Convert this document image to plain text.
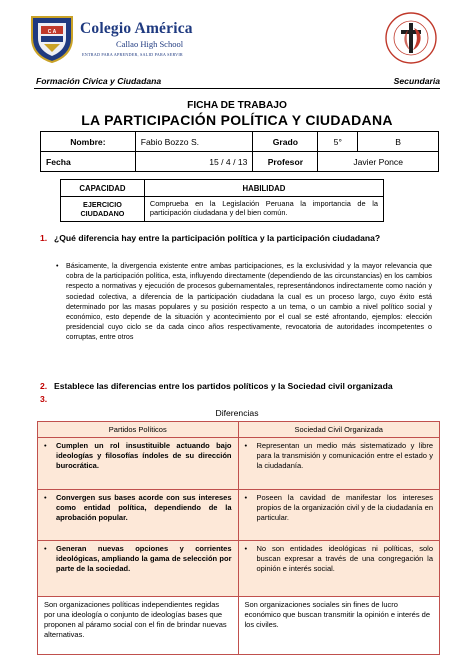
C A Colegio América
Callao High School
ENTRAD PARA APRENDER, SALID PARA SERVIR
Formación Cívica y Ciudadana	Secundaria
FICHA DE TRABAJO
LA PARTICIPACIÓN POLÍTICA Y CIUDADANA
Nombre:	Fabio Bozzo S.	Grado	5°	B
Fecha	15 / 4 / 13	Profesor	Javier Ponce	
CAPACIDAD	HABILIDAD
EJERCICIO
CIUDADANO	Comprueba en la Legislación Peruana la importancia de la participación ciudadana y del bien común.
1. ¿Qué diferencia hay entre la participación política y la participación ciudadana?
• Básicamente, la divergencia existente entre ambas participaciones, es la exclusividad y la mayor relevancia que cobra de la participación política, esta, influyendo directamente (dependiendo de las circunstancias) en los cambios respecto a normativas y ejecución de procesos gubernamentales, representándonos indirectamente como nación y sociedad colectiva, a diferencia de la participación ciudadana la cual es un proceso largo, cuyo éxito está determinado por las masas populares y su posición respecto a un tema, o un cambio a nivel político social y económico, esto depende de la situación y acontecimiento por el cual se esté afrontando, ejemplos: elección presidencial cuyo ciclo se da cada cinco años respectivamente, revocatoria de autoridades incompetentes o corruptas, entre otros
2. Establece las diferencias entre los partidos políticos y la Sociedad civil organizada
3.
Diferencias
Partidos Políticos	Sociedad Civil Organizada

• Cumplen un rol insustituible actuando bajo ideologías y filosofías índoles de su dirección burocrática.	• Representan un medio más sistematizado y libre para la transmisión y comunicación entre el estado y la ciudadanía.

• Convergen sus bases acorde con sus intereses como entidad política, dependiendo de la aprobación popular.	• Poseen la cavidad de manifestar los intereses propios de la organización civil y de la ciudadanía en particular.

• Generan nuevas opciones y corrientes ideológicas, ampliando la gama de selección por parte de la sociedad.	• No son entidades ideológicas ni políticas, solo buscan expresar a través de una congregación la opinión e interés social.

Son organizaciones políticas independientes regidas por una ideología o conjunto de ideologías bases que proponen al páramo social con el fin de brindar nuevas alternativas.	Son organizaciones sociales sin fines de lucro económico que buscan transmitir la opinión e interés de los civiles.
